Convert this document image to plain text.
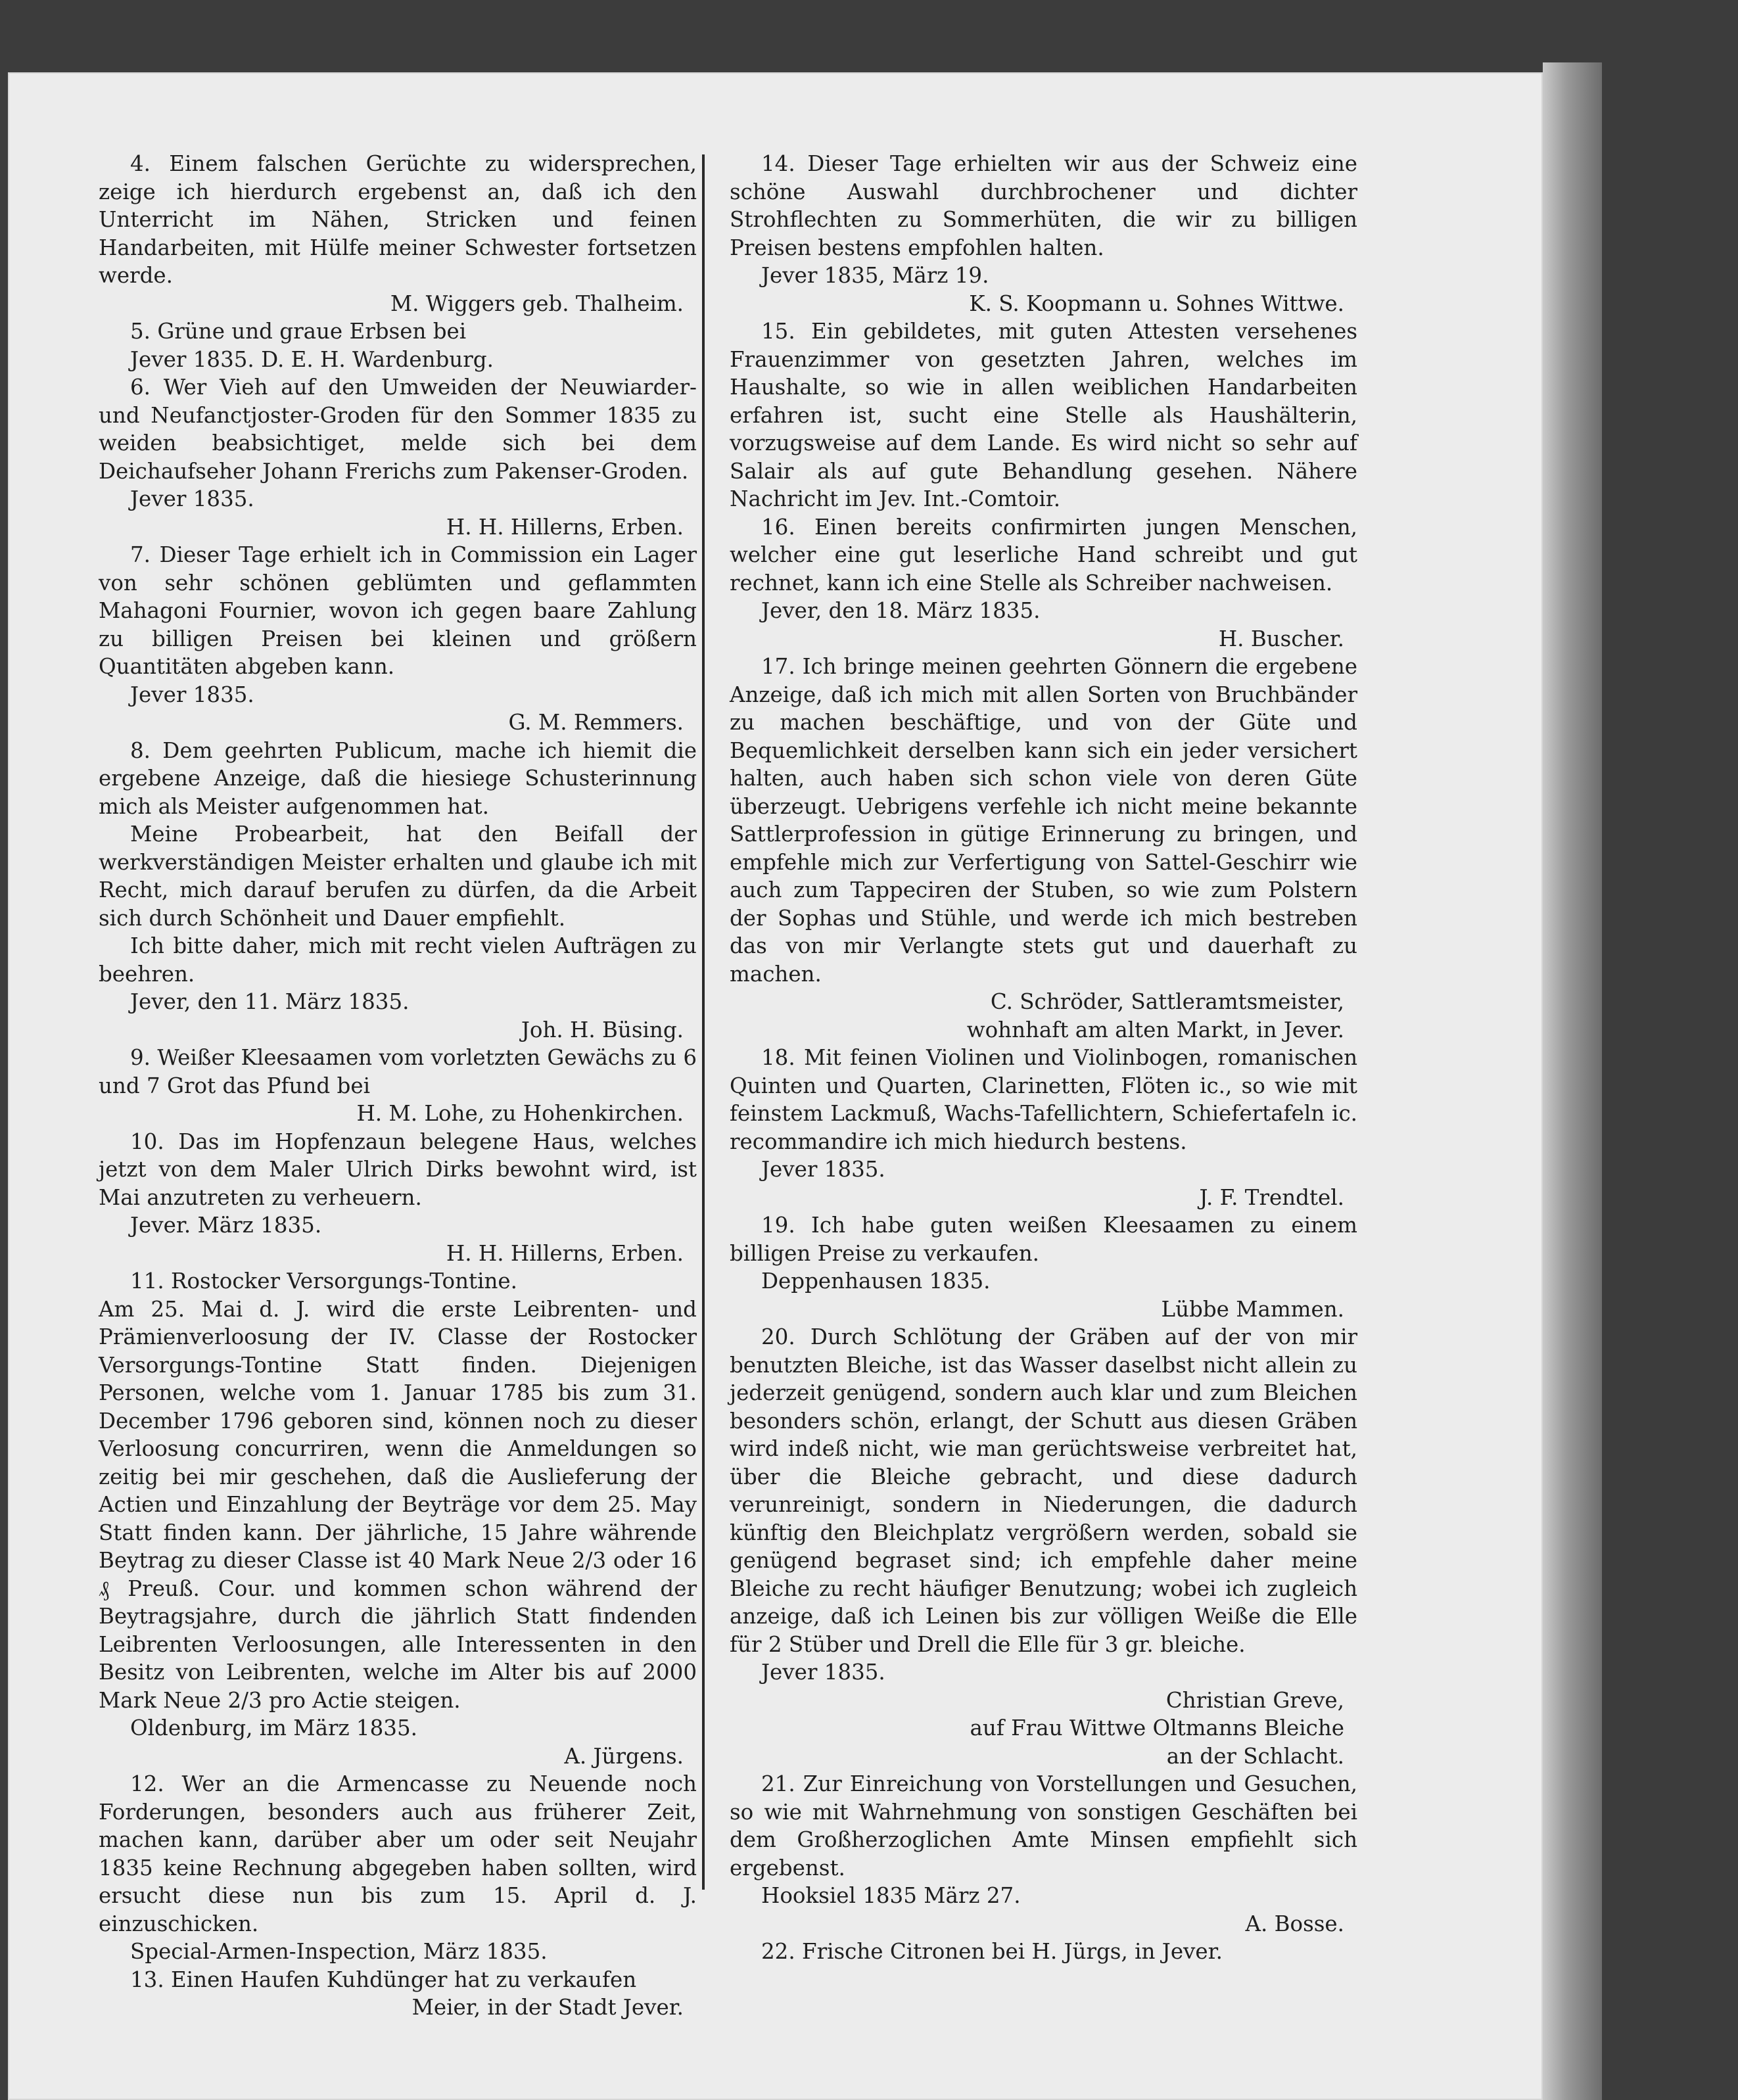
4. Einem falschen Gerüchte zu widersprechen, zeige ich hierdurch ergebenst an, daß ich den Unterricht im Nähen, Stricken und feinen Handarbeiten, mit Hülfe meiner Schwester fortsetzen werde.

M. Wiggers geb. Thalheim.

5. Grüne und graue Erbsen bei

Jever 1835. D. E. H. Wardenburg.

6. Wer Vieh auf den Umweiden der Neuwiarder- und Neufanctjoster-Groden für den Sommer 1835 zu weiden beabsichtiget, melde sich bei dem Deichaufseher Johann Frerichs zum Pakenser-Groden.

Jever 1835.

H. H. Hillerns, Erben.

7. Dieser Tage erhielt ich in Commission ein Lager von sehr schönen geblümten und geflammten Mahagoni Fournier, wovon ich gegen baare Zahlung zu billigen Preisen bei kleinen und größern Quantitäten abgeben kann.

Jever 1835.

G. M. Remmers.

8. Dem geehrten Publicum, mache ich hiemit die ergebene Anzeige, daß die hiesiege Schusterinnung mich als Meister aufgenommen hat.

Meine Probearbeit, hat den Beifall der werkverständigen Meister erhalten und glaube ich mit Recht, mich darauf berufen zu dürfen, da die Arbeit sich durch Schönheit und Dauer empfiehlt.

Ich bitte daher, mich mit recht vielen Aufträgen zu beehren.

Jever, den 11. März 1835.

Joh. H. Büsing.

9. Weißer Kleesaamen vom vorletzten Gewächs zu 6 und 7 Grot das Pfund bei

H. M. Lohe, zu Hohenkirchen.

10. Das im Hopfenzaun belegene Haus, welches jetzt von dem Maler Ulrich Dirks bewohnt wird, ist Mai anzutreten zu verheuern.

Jever. März 1835.

H. H. Hillerns, Erben.

11. Rostocker Versorgungs-Tontine.

Am 25. Mai d. J. wird die erste Leibrenten- und Prämienverloosung der IV. Classe der Rostocker Versorgungs-Tontine Statt finden. Diejenigen Personen, welche vom 1. Januar 1785 bis zum 31. December 1796 geboren sind, können noch zu dieser Verloosung concurriren, wenn die Anmeldungen so zeitig bei mir geschehen, daß die Auslieferung der Actien und Einzahlung der Beyträge vor dem 25. May Statt finden kann. Der jährliche, 15 Jahre währende Beytrag zu dieser Classe ist 40 Mark Neue 2/3 oder 16 ₰ Preuß. Cour. und kommen schon während der Beytragsjahre, durch die jährlich Statt findenden Leibrenten Verloosungen, alle Interessenten in den Besitz von Leibrenten, welche im Alter bis auf 2000 Mark Neue 2/3 pro Actie steigen.

Oldenburg, im März 1835.

A. Jürgens.

12. Wer an die Armencasse zu Neuende noch Forderungen, besonders auch aus früherer Zeit, machen kann, darüber aber um oder seit Neujahr 1835 keine Rechnung abgegeben haben sollten, wird ersucht diese nun bis zum 15. April d. J. einzuschicken.

Special-Armen-Inspection, März 1835.

13. Einen Haufen Kuhdünger hat zu verkaufen

Meier, in der Stadt Jever.

14. Dieser Tage erhielten wir aus der Schweiz eine schöne Auswahl durchbrochener und dichter Strohflechten zu Sommerhüten, die wir zu billigen Preisen bestens empfohlen halten.

Jever 1835, März 19.

K. S. Koopmann u. Sohnes Wittwe.

15. Ein gebildetes, mit guten Attesten versehenes Frauenzimmer von gesetzten Jahren, welches im Haushalte, so wie in allen weiblichen Handarbeiten erfahren ist, sucht eine Stelle als Haushälterin, vorzugsweise auf dem Lande. Es wird nicht so sehr auf Salair als auf gute Behandlung gesehen. Nähere Nachricht im Jev. Int.-Comtoir.

16. Einen bereits confirmirten jungen Menschen, welcher eine gut leserliche Hand schreibt und gut rechnet, kann ich eine Stelle als Schreiber nachweisen.

Jever, den 18. März 1835.

H. Buscher.

17. Ich bringe meinen geehrten Gönnern die ergebene Anzeige, daß ich mich mit allen Sorten von Bruchbänder zu machen beschäftige, und von der Güte und Bequemlichkeit derselben kann sich ein jeder versichert halten, auch haben sich schon viele von deren Güte überzeugt. Uebrigens verfehle ich nicht meine bekannte Sattlerprofession in gütige Erinnerung zu bringen, und empfehle mich zur Verfertigung von Sattel-Geschirr wie auch zum Tappeciren der Stuben, so wie zum Polstern der Sophas und Stühle, und werde ich mich bestreben das von mir Verlangte stets gut und dauerhaft zu machen.

C. Schröder, Sattleramtsmeister,

wohnhaft am alten Markt, in Jever.

18. Mit feinen Violinen und Violinbogen, romanischen Quinten und Quarten, Clarinetten, Flöten ic., so wie mit feinstem Lackmuß, Wachs-Tafellichtern, Schiefertafeln ic. recommandire ich mich hiedurch bestens.

Jever 1835.

J. F. Trendtel.

19. Ich habe guten weißen Kleesaamen zu einem billigen Preise zu verkaufen.

Deppenhausen 1835.

Lübbe Mammen.

20. Durch Schlötung der Gräben auf der von mir benutzten Bleiche, ist das Wasser daselbst nicht allein zu jederzeit genügend, sondern auch klar und zum Bleichen besonders schön, erlangt, der Schutt aus diesen Gräben wird indeß nicht, wie man gerüchtsweise verbreitet hat, über die Bleiche gebracht, und diese dadurch verunreinigt, sondern in Niederungen, die dadurch künftig den Bleichplatz vergrößern werden, sobald sie genügend begraset sind; ich empfehle daher meine Bleiche zu recht häufiger Benutzung; wobei ich zugleich anzeige, daß ich Leinen bis zur völligen Weiße die Elle für 2 Stüber und Drell die Elle für 3 gr. bleiche.

Jever 1835.

Christian Greve,

auf Frau Wittwe Oltmanns Bleiche

an der Schlacht.

21. Zur Einreichung von Vorstellungen und Gesuchen, so wie mit Wahrnehmung von sonstigen Geschäften bei dem Großherzoglichen Amte Minsen empfiehlt sich ergebenst.

Hooksiel 1835 März 27.

A. Bosse.

22. Frische Citronen bei H. Jürgs, in Jever.
